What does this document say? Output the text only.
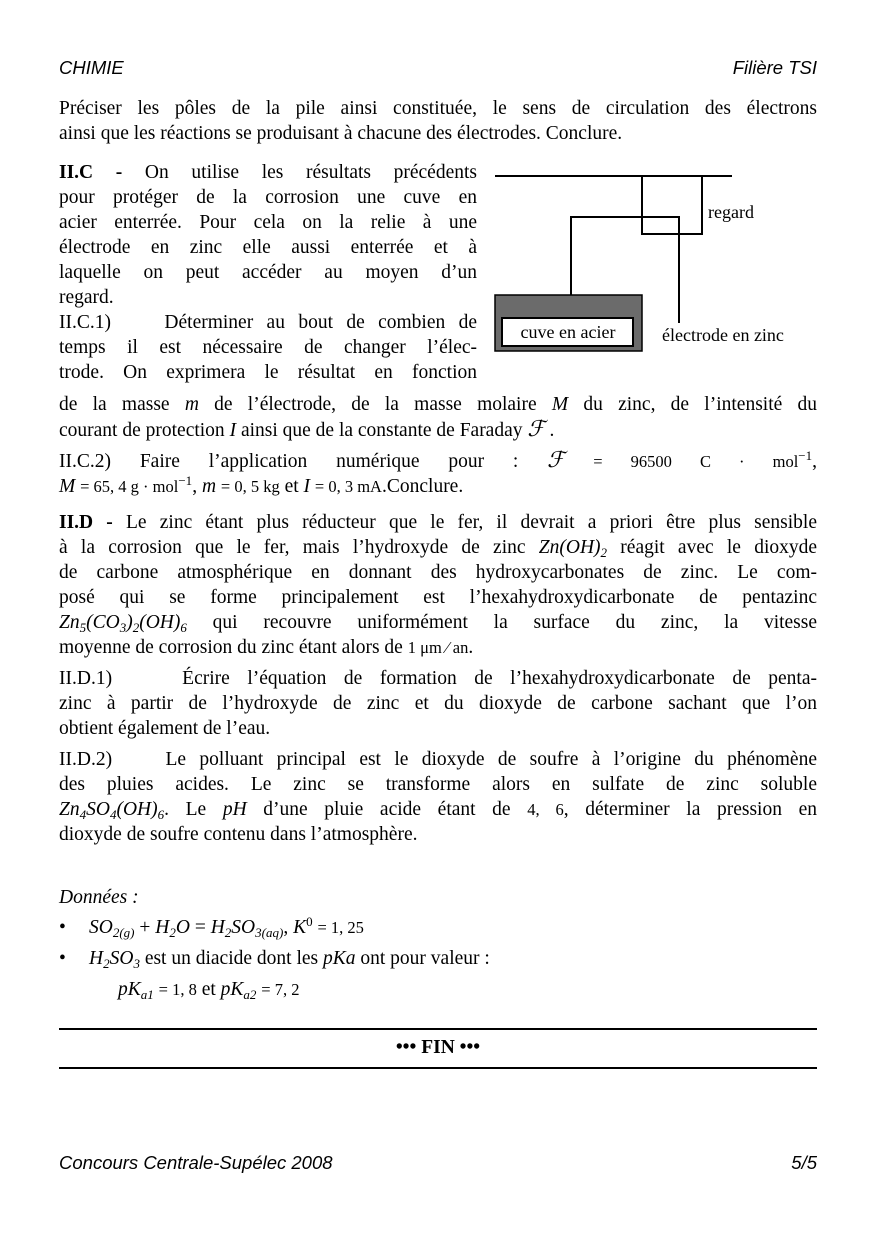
CHIMIE	Filière TSI
Préciser les pôles de la pile ainsi constituée, le sens de circulation des électrons
ainsi que les réactions se produisant à chacune des électrodes. Conclure.
II.C - On utilise les résultats précédents
pour protéger de la corrosion une cuve en
acier enterrée. Pour cela on la relie à une
électrode en zinc elle aussi enterrée et à
laquelle on peut accéder au moyen d’un
regard.
II.C.1)	Déterminer au bout de combien de
temps il est nécessaire de changer l’élec-
trode. On exprimera le résultat en fonction
cuve en acier
regard
électrode en zinc
de la masse m de l’électrode, de la masse molaire M du zinc, de l’intensité du
courant de protection I ainsi que de la constante de Faraday ℱ .
II.C.2) Faire l’application numérique pour : ℱ = 96500 C · mol$^{-1}$,
M = 65, 4 g · mol$^{-1}$, m = 0, 5 kg et I = 0, 3 mA.Conclure.
II.D - Le zinc étant plus réducteur que le fer, il devrait a priori être plus sensible
à la corrosion que le fer, mais l’hydroxyde de zinc $Zn(OH)_2$ réagit avec le dioxyde
de carbone atmosphérique en donnant des hydroxycarbonates de zinc. Le com-
posé qui se forme principalement est l’hexahydroxydicarbonate de pentazinc
$Zn_5(CO_3)_2(OH)_6$ qui recouvre uniformément la surface du zinc, la vitesse
moyenne de corrosion du zinc étant alors de 1 μm ⁄ an.
II.D.1)	Écrire l’équation de formation de l’hexahydroxydicarbonate de penta-
zinc à partir de l’hydroxyde de zinc et du dioxyde de carbone sachant que l’on
obtient également de l’eau.
II.D.2)	Le polluant principal est le dioxyde de soufre à l’origine du phénomène
des pluies acides. Le zinc se transforme alors en sulfate de zinc soluble
$Zn_4SO_4(OH)_6$. Le pH d’une pluie acide étant de 4, 6, déterminer la pression en
dioxyde de soufre contenu dans l’atmosphère.
Données :
• $SO_{2(g)} + H_2O = H_2SO_{3(aq)}$, $K^0 = 1$, 25
• $H_2SO_3$ est un diacide dont les pKa ont pour valeur :
$pK_{a1} = 1$, 8 et $pK_{a2} = 7$, 2
••• FIN •••
Concours Centrale-Supélec 2008	5/5
